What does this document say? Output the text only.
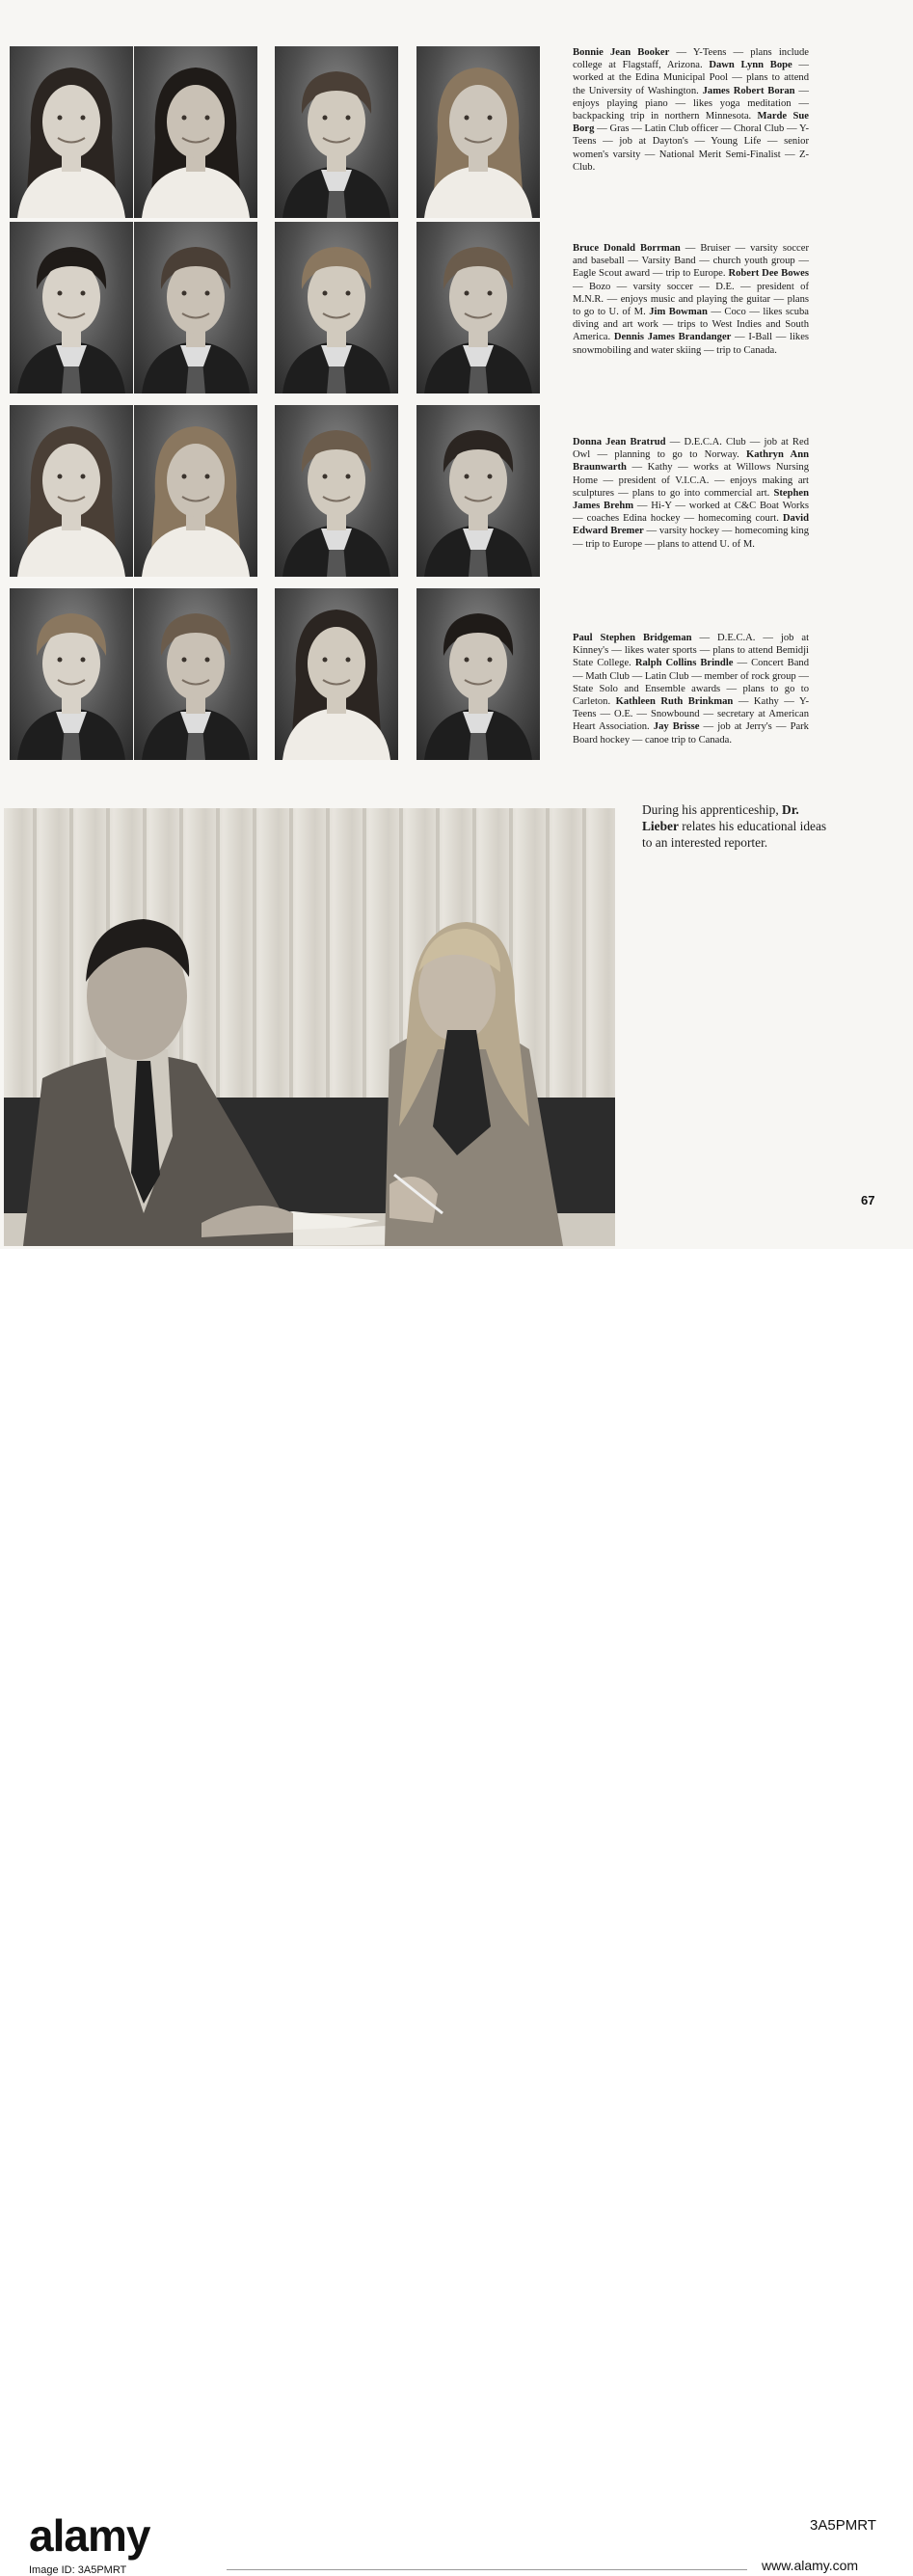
Bonnie Jean Booker — Y-Teens — plans include college at Flagstaff, Arizona. Dawn Lynn Bope — worked at the Edina Municipal Pool — plans to attend the University of Washington. James Robert Boran — enjoys playing piano — likes yoga meditation — backpacking trip in northern Minnesota. Marde Sue Borg — Gras — Latin Club officer — Choral Club — Y-Teens — job at Dayton's — Young Life — senior women's varsity — National Merit Semi-Finalist — Z-Club.

Bruce Donald Borrman — Bruiser — varsity soccer and baseball — Varsity Band — church youth group — Eagle Scout award — trip to Europe. Robert Dee Bowes — Bozo — varsity soccer — D.E. — president of M.N.R. — enjoys music and playing the guitar — plans to go to U. of M. Jim Bowman — Coco — likes scuba diving and art work — trips to West Indies and South America. Dennis James Brandanger — I-Ball — likes snowmobiling and water skiing — trip to Canada.

Donna Jean Bratrud — D.E.C.A. Club — job at Red Owl — planning to go to Norway. Kathryn Ann Braunwarth — Kathy — works at Willows Nursing Home — president of V.I.C.A. — enjoys making art sculptures — plans to go into commercial art. Stephen James Brehm — Hi-Y — worked at C&C Boat Works — coaches Edina hockey — homecoming court. David Edward Bremer — varsity hockey — homecoming king — trip to Europe — plans to attend U. of M.

Paul Stephen Bridgeman — D.E.C.A. — job at Kinney's — likes water sports — plans to attend Bemidji State College. Ralph Collins Brindle — Concert Band — Math Club — Latin Club — member of rock group — State Solo and Ensemble awards — plans to go to Carleton. Kathleen Ruth Brinkman — Kathy — Y-Teens — O.E. — Snowbound — secretary at American Heart Association. Jay Brisse — job at Jerry's — Park Board hockey — canoe trip to Canada.

During his apprenticeship, Dr. Lieber relates his educational ideas to an interested reporter.

67
alamy	3A5PMRT
Image ID: 3A5PMRT	www.alamy.com
